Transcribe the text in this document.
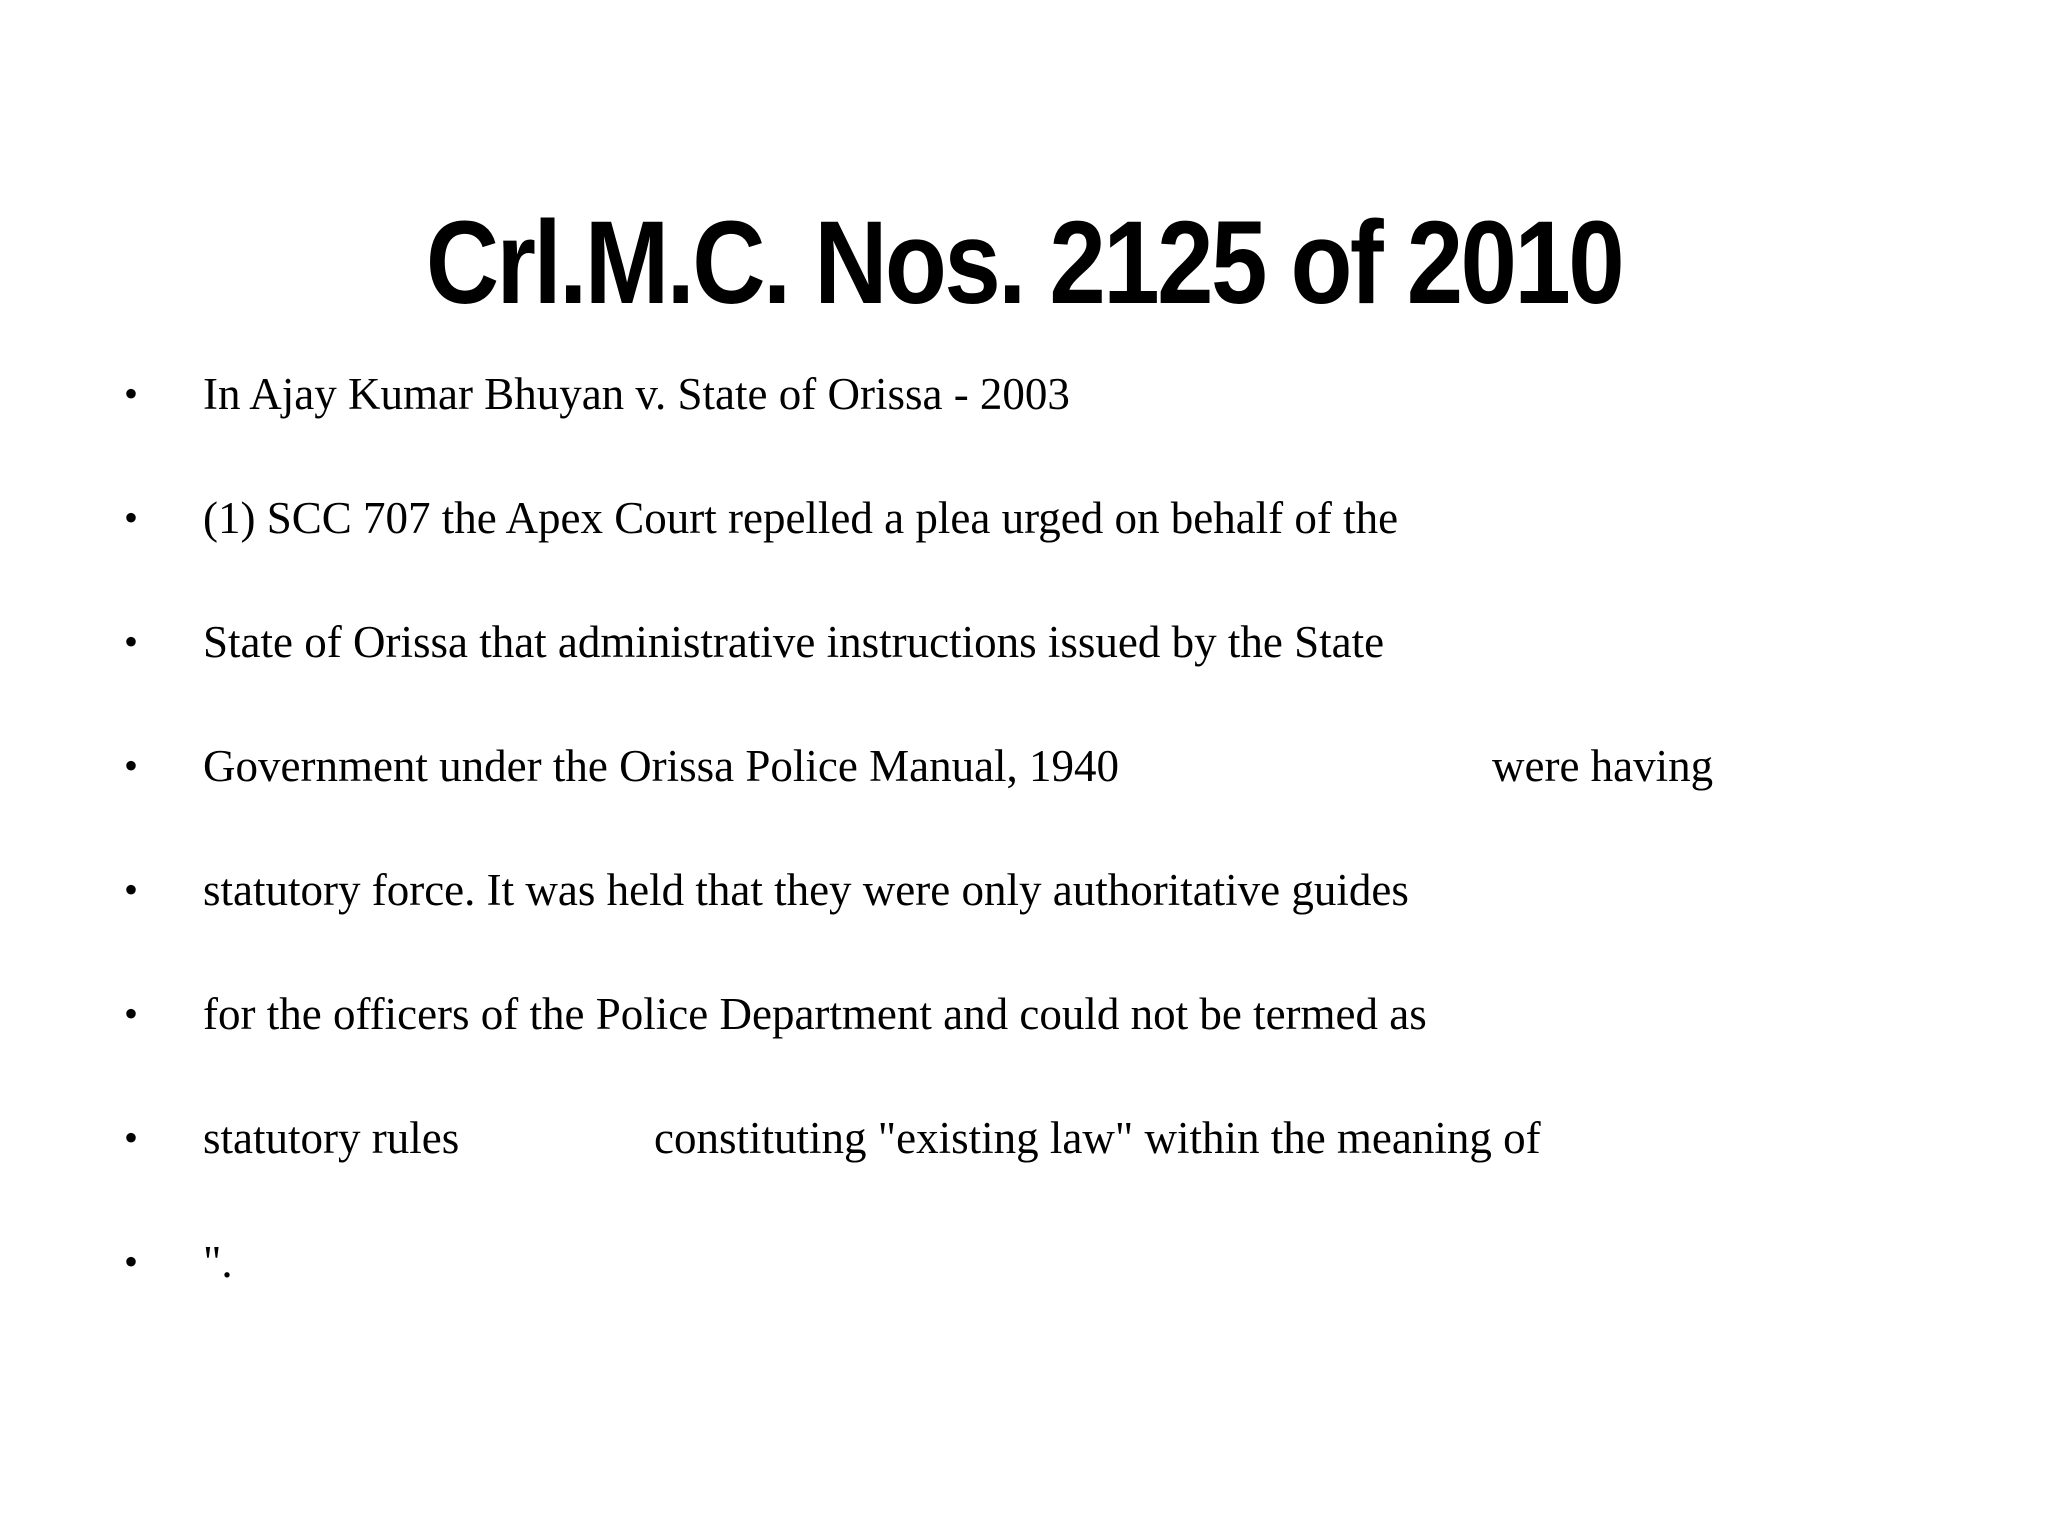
Crl.M.C. Nos. 2125 of 2010
• In Ajay Kumar Bhuyan v. State of Orissa - 2003
• (1) SCC 707 the Apex Court repelled a plea urged on behalf of the
• State of Orissa that administrative instructions issued by the State
• Government under the Orissa Police Manual, 1940	were having
• statutory force. It was held that they were only authoritative guides
• for the officers of the Police Department and could not be termed as
• statutory rules	constituting "existing law" within the meaning of
• ".
